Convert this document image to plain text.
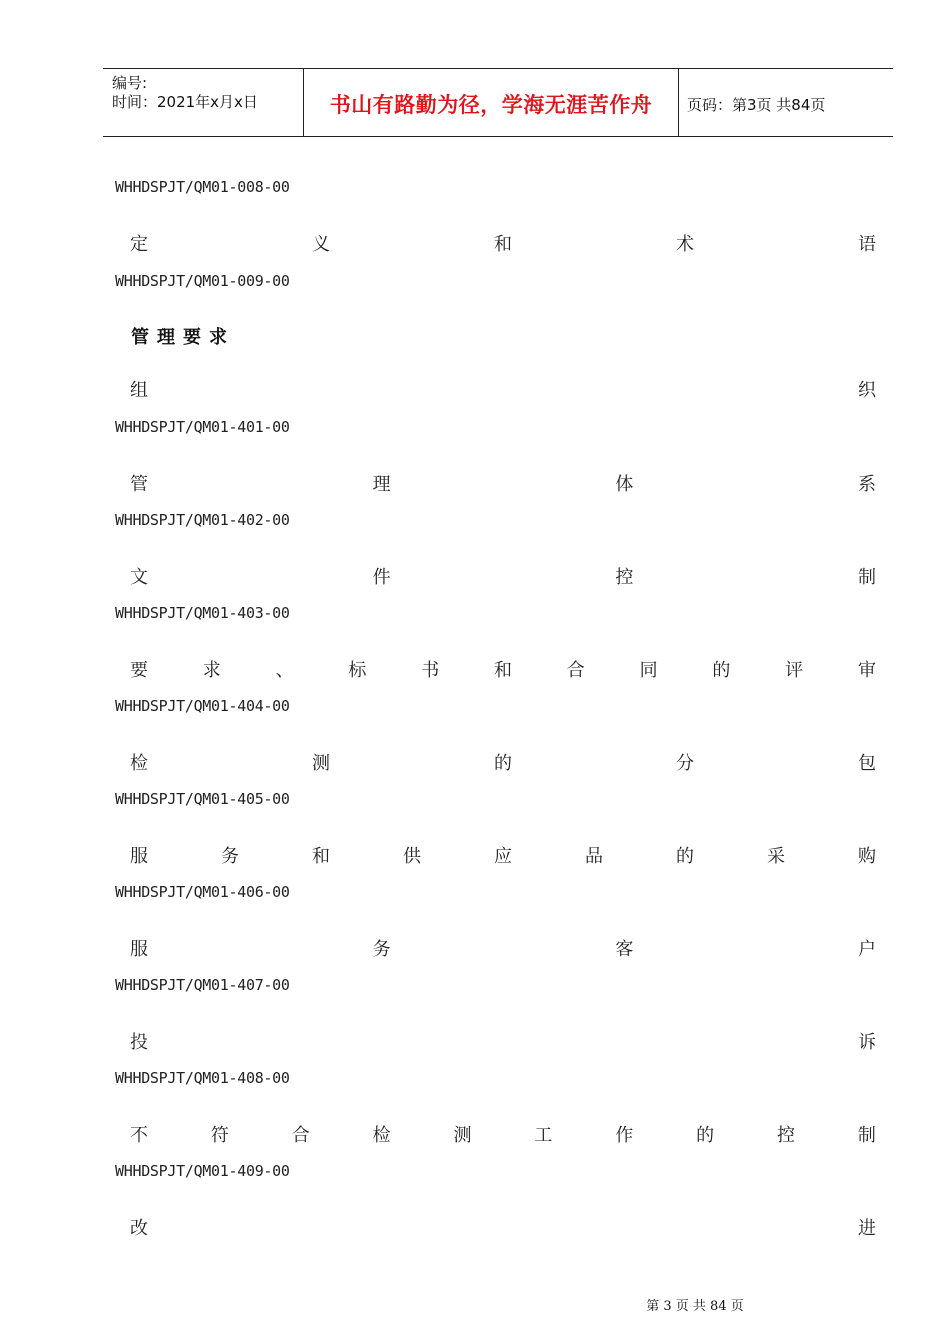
编号:
时间：2021年x月x日	书山有路勤为径，学海无涯苦作舟	页码：第3页 共84页
WHHDSPJT/QM01-008-00
定	义	和	术	语
WHHDSPJT/QM01-009-00
管理要求
组	织
WHHDSPJT/QM01-401-00
管	理	体	系
WHHDSPJT/QM01-402-00
文	件	控	制
WHHDSPJT/QM01-403-00
要	求	、	标	书	和	合	同	的	评	审
WHHDSPJT/QM01-404-00
检	测	的	分	包
WHHDSPJT/QM01-405-00
服	务	和	供	应	品	的	采	购
WHHDSPJT/QM01-406-00
服	务	客	户
WHHDSPJT/QM01-407-00
投	诉
WHHDSPJT/QM01-408-00
不	符	合	检	测	工	作	的	控	制
WHHDSPJT/QM01-409-00
改	进
第 3 页 共 84 页
